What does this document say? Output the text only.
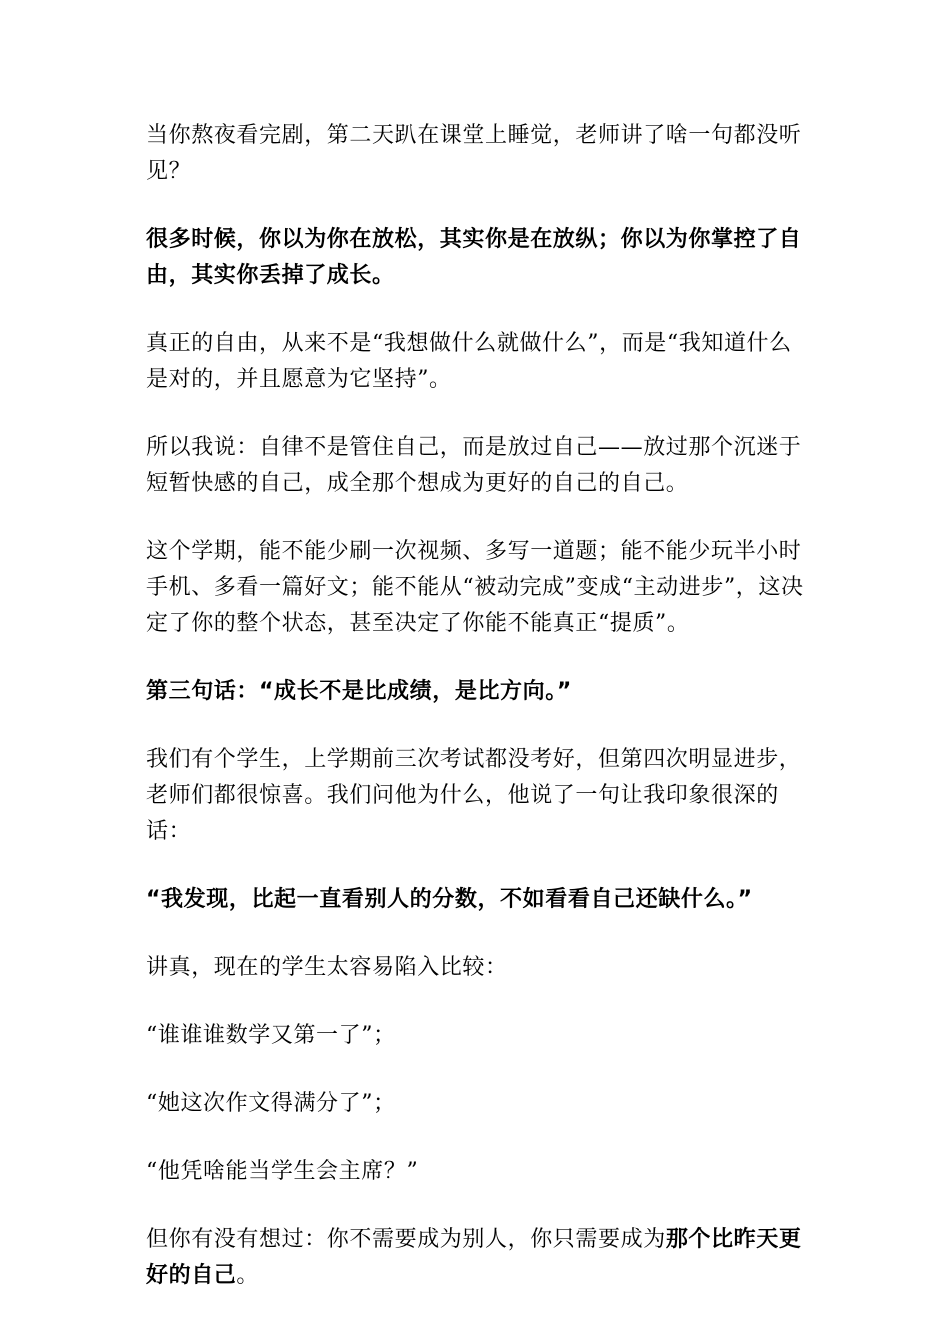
当你熬夜看完剧，第二天趴在课堂上睡觉，老师讲了啥一句都没听见？

很多时候，你以为你在放松，其实你是在放纵；你以为你掌控了自由，其实你丢掉了成长。

真正的自由，从来不是“我想做什么就做什么”，而是“我知道什么是对的，并且愿意为它坚持”。

所以我说：自律不是管住自己，而是放过自己——放过那个沉迷于短暂快感的自己，成全那个想成为更好的自己的自己。

这个学期，能不能少刷一次视频、多写一道题；能不能少玩半小时手机、多看一篇好文；能不能从“被动完成”变成“主动进步”，这决定了你的整个状态，甚至决定了你能不能真正“提质”。

第三句话：“成长不是比成绩，是比方向。”

我们有个学生，上学期前三次考试都没考好，但第四次明显进步，老师们都很惊喜。我们问他为什么，他说了一句让我印象很深的话：

“我发现，比起一直看别人的分数，不如看看自己还缺什么。”

讲真，现在的学生太容易陷入比较：

“谁谁谁数学又第一了”；

“她这次作文得满分了”；

“他凭啥能当学生会主席？”

但你有没有想过：你不需要成为别人，你只需要成为那个比昨天更好的自己。
